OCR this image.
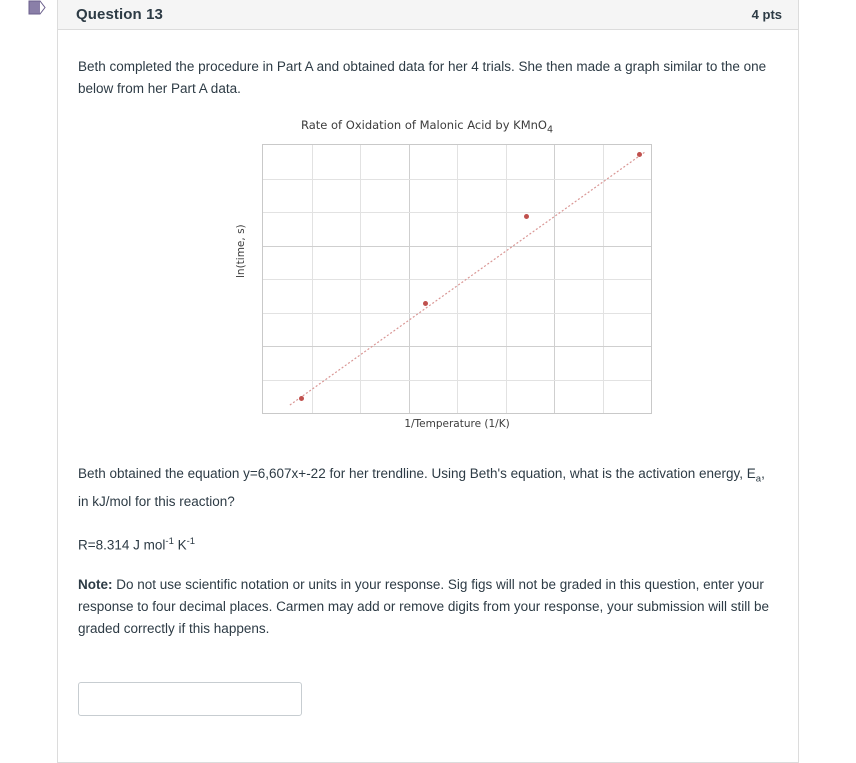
Question 13	4 pts

Beth completed the procedure in Part A and obtained data for her 4 trials. She then made a graph similar to the one below from her Part A data.

Rate of Oxidation of Malonic Acid by KMnO$_4$
ln(time, s)
1/Temperature (1/K)

Beth obtained the equation y=6,607x+-22 for her trendline. Using Beth's equation, what is the activation energy, $E_a$, in kJ/mol for this reaction?

R=8.314 J mol$^{-1}$ $K^{-1}$

Note: Do not use scientific notation or units in your response. Sig figs will not be graded in this question, enter your response to four decimal places. Carmen may add or remove digits from your response, your submission will still be graded correctly if this happens.
